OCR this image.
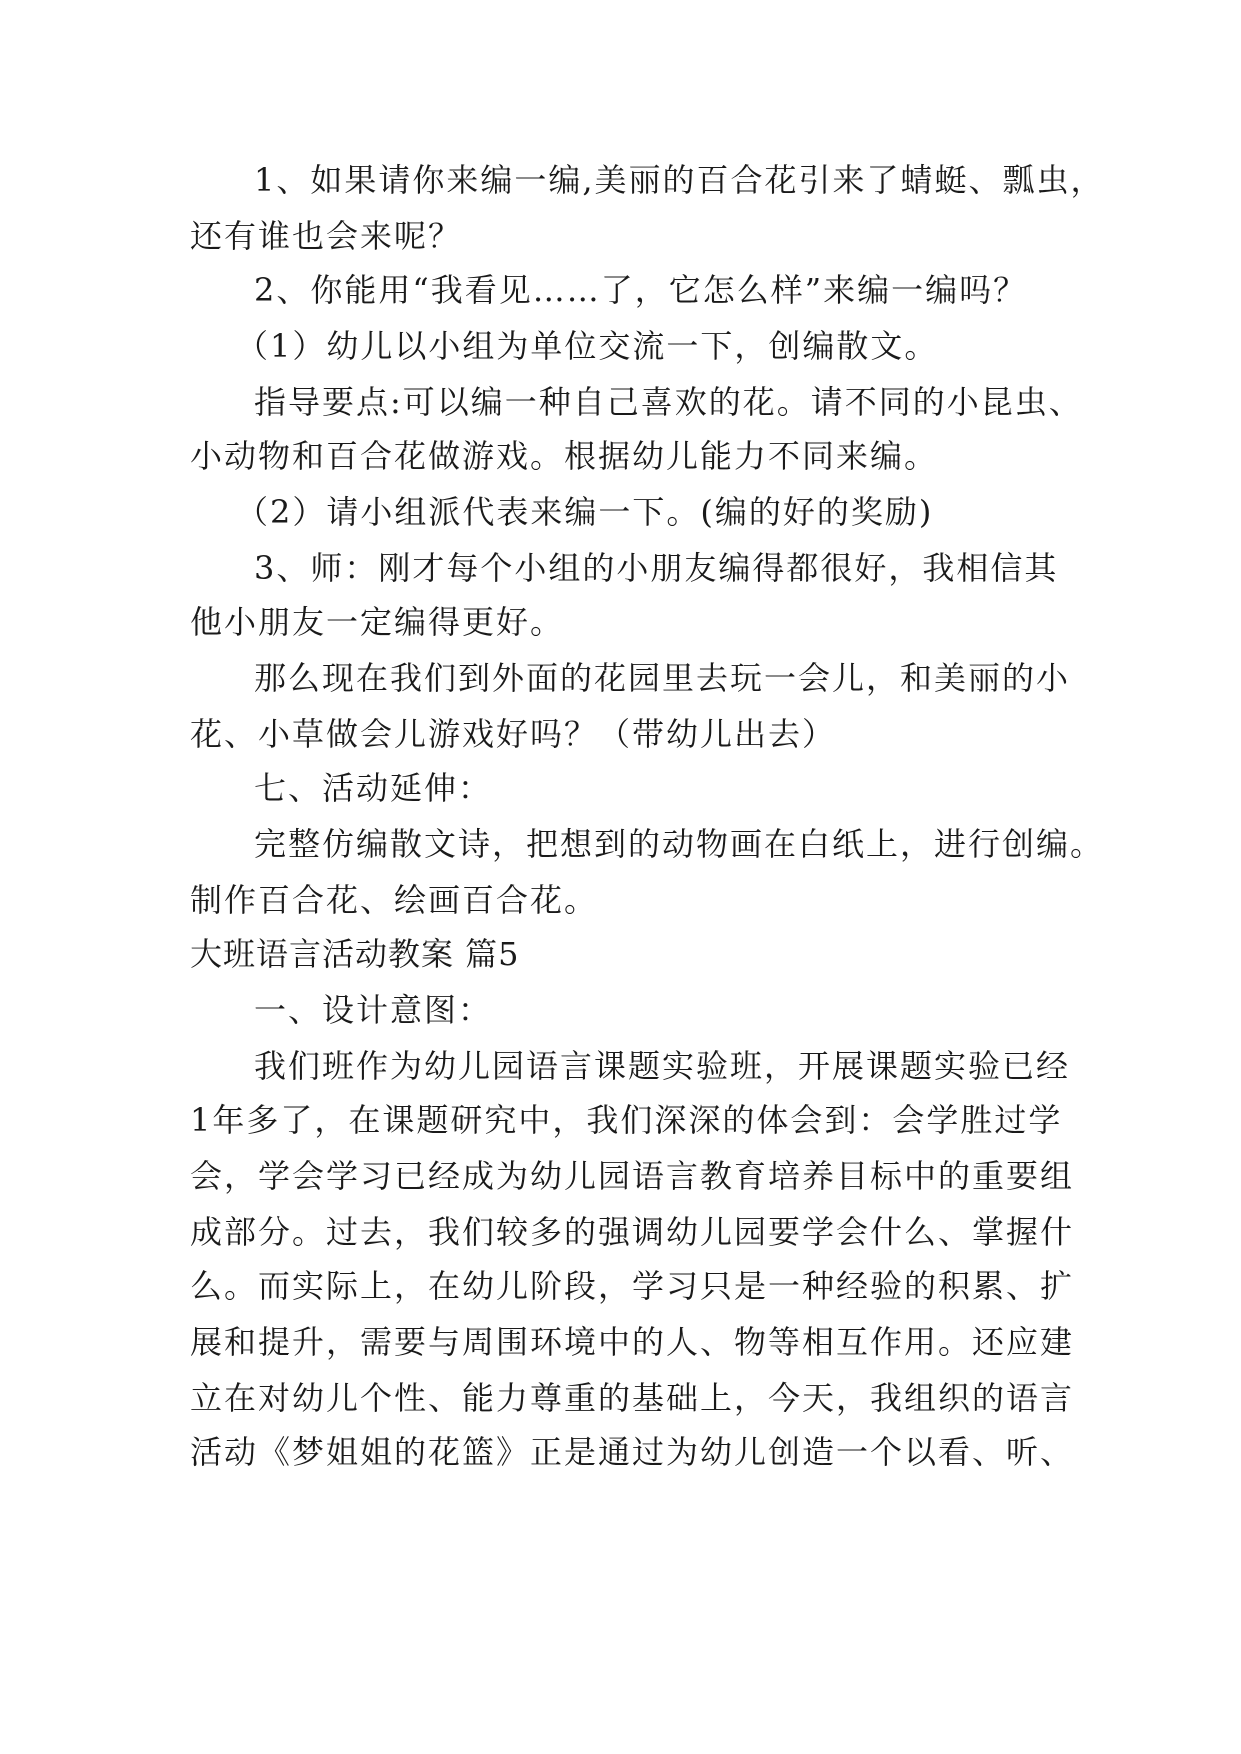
1、如果请你来编一编,美丽的百合花引来了蜻蜓、瓢虫，
还有谁也会来呢？
2、你能用“我看见……了，它怎么样”来编一编吗？
（1）幼儿以小组为单位交流一下，创编散文。
指导要点:可以编一种自己喜欢的花。请不同的小昆虫、
小动物和百合花做游戏。根据幼儿能力不同来编。
（2）请小组派代表来编一下。(编的好的奖励)
3、师：刚才每个小组的小朋友编得都很好，我相信其
他小朋友一定编得更好。
那么现在我们到外面的花园里去玩一会儿，和美丽的小
花、小草做会儿游戏好吗？（带幼儿出去）
七、活动延伸：
完整仿编散文诗，把想到的动物画在白纸上，进行创编。
制作百合花、绘画百合花。
大班语言活动教案 篇5
一、设计意图：
我们班作为幼儿园语言课题实验班，开展课题实验已经
1年多了，在课题研究中，我们深深的体会到：会学胜过学
会，学会学习已经成为幼儿园语言教育培养目标中的重要组
成部分。过去，我们较多的强调幼儿园要学会什么、掌握什
么。而实际上，在幼儿阶段，学习只是一种经验的积累、扩
展和提升，需要与周围环境中的人、物等相互作用。还应建
立在对幼儿个性、能力尊重的基础上，今天，我组织的语言
活动《梦姐姐的花篮》正是通过为幼儿创造一个以看、听、
